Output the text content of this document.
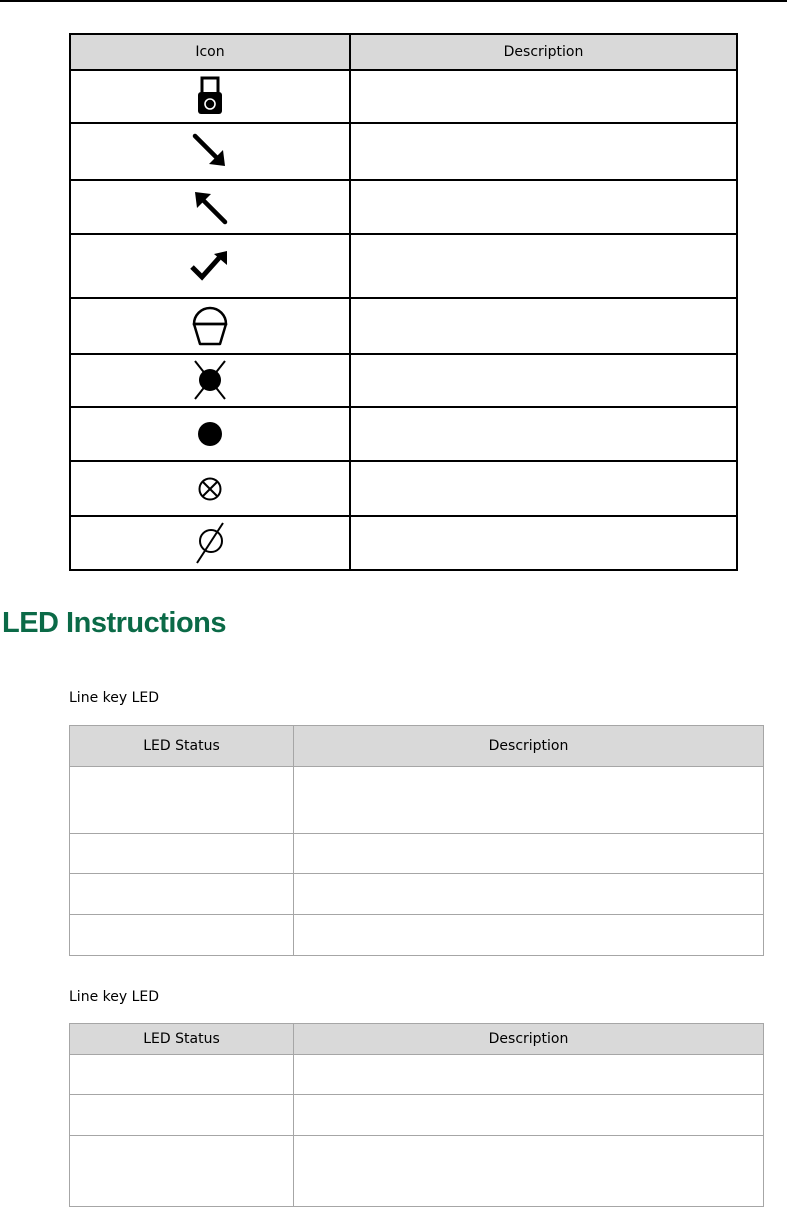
Icon	Description

LED Instructions
Line key LED
LED Status	Description

Line key LED
LED Status	Description
